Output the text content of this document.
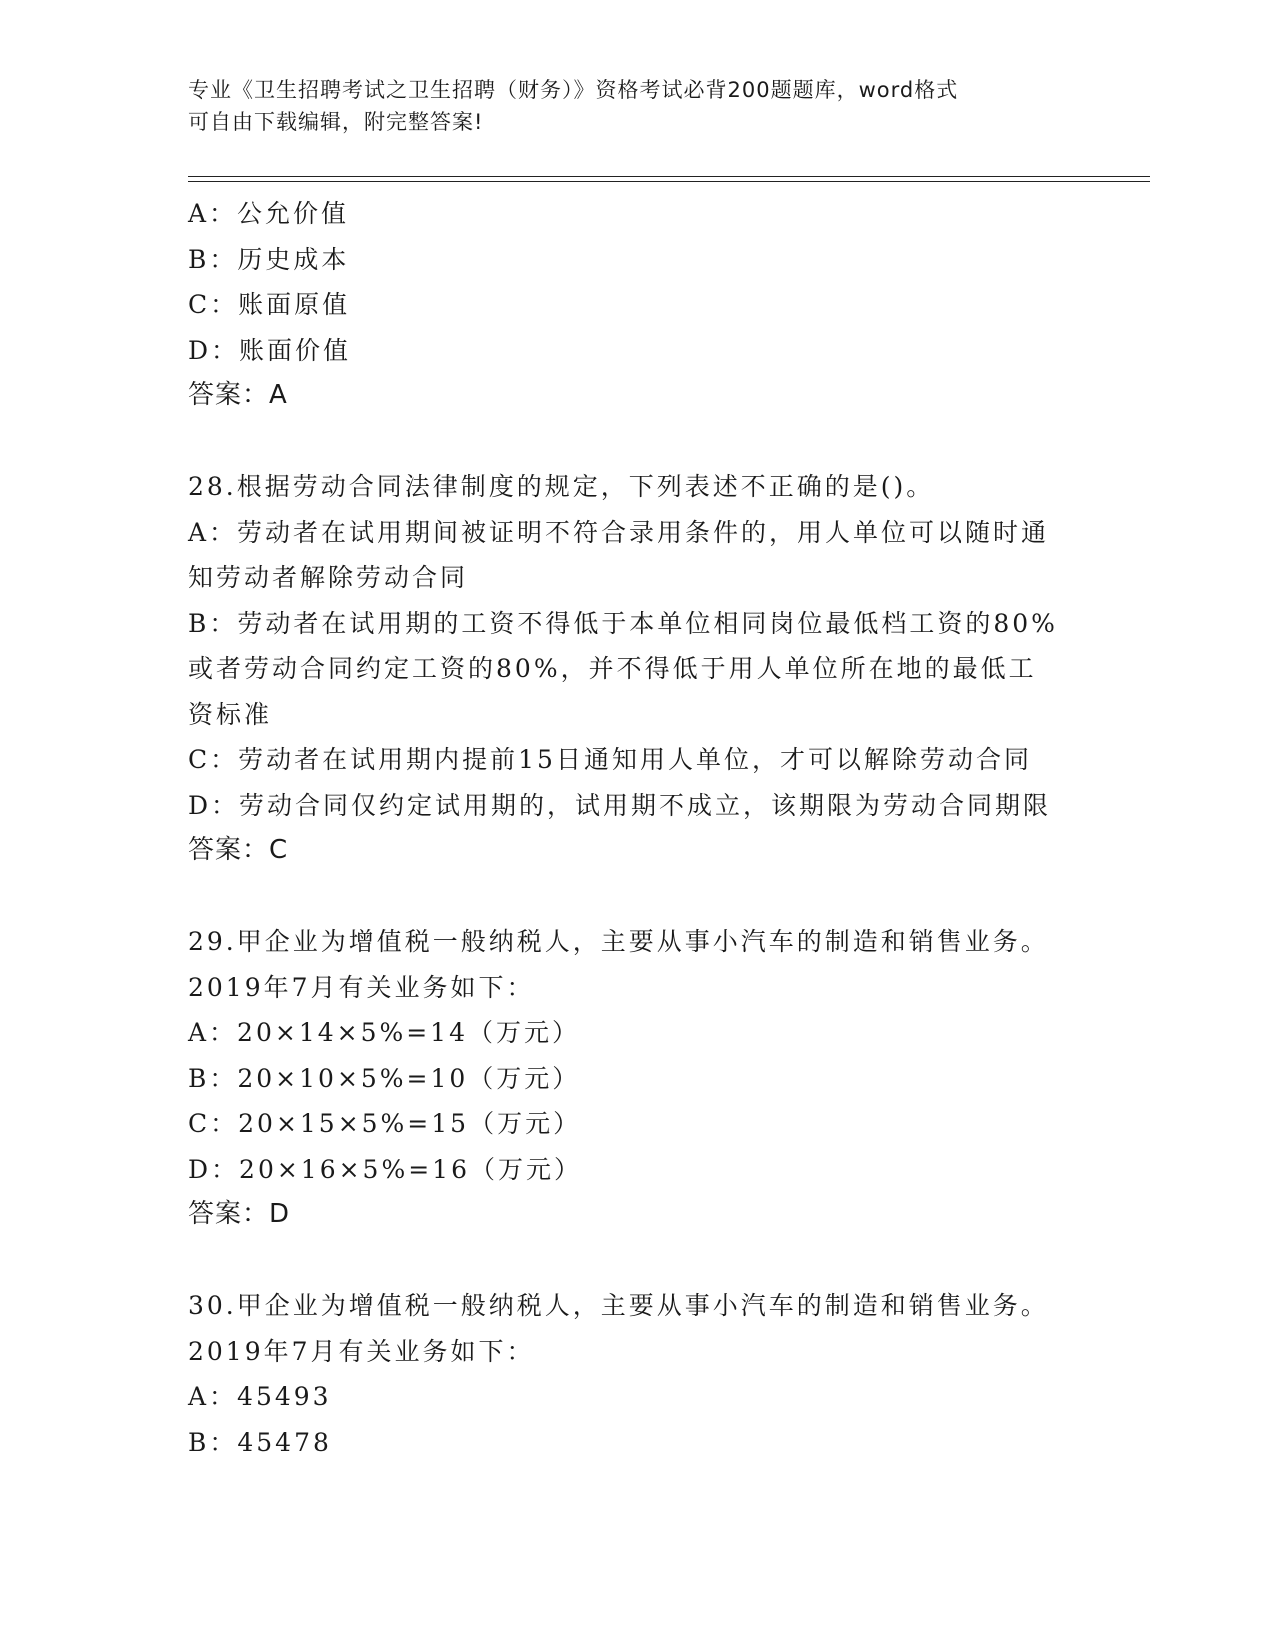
专业《卫生招聘考试之卫生招聘（财务）》资格考试必背200题题库，word格式
可自由下载编辑，附完整答案!
A：公允价值
B：历史成本
C：账面原值
D：账面价值
答案：A
28.根据劳动合同法律制度的规定，下列表述不正确的是()。
A：劳动者在试用期间被证明不符合录用条件的，用人单位可以随时通
知劳动者解除劳动合同
B：劳动者在试用期的工资不得低于本单位相同岗位最低档工资的80%
或者劳动合同约定工资的80%，并不得低于用人单位所在地的最低工
资标准
C：劳动者在试用期内提前15日通知用人单位，才可以解除劳动合同
D：劳动合同仅约定试用期的，试用期不成立，该期限为劳动合同期限
答案：C
29.甲企业为增值税一般纳税人，主要从事小汽车的制造和销售业务。
2019年7月有关业务如下：
A：20×14×5%=14（万元）
B：20×10×5%=10（万元）
C：20×15×5%=15（万元）
D：20×16×5%=16（万元）
答案：D
30.甲企业为增值税一般纳税人，主要从事小汽车的制造和销售业务。
2019年7月有关业务如下：
A：45493
B：45478
